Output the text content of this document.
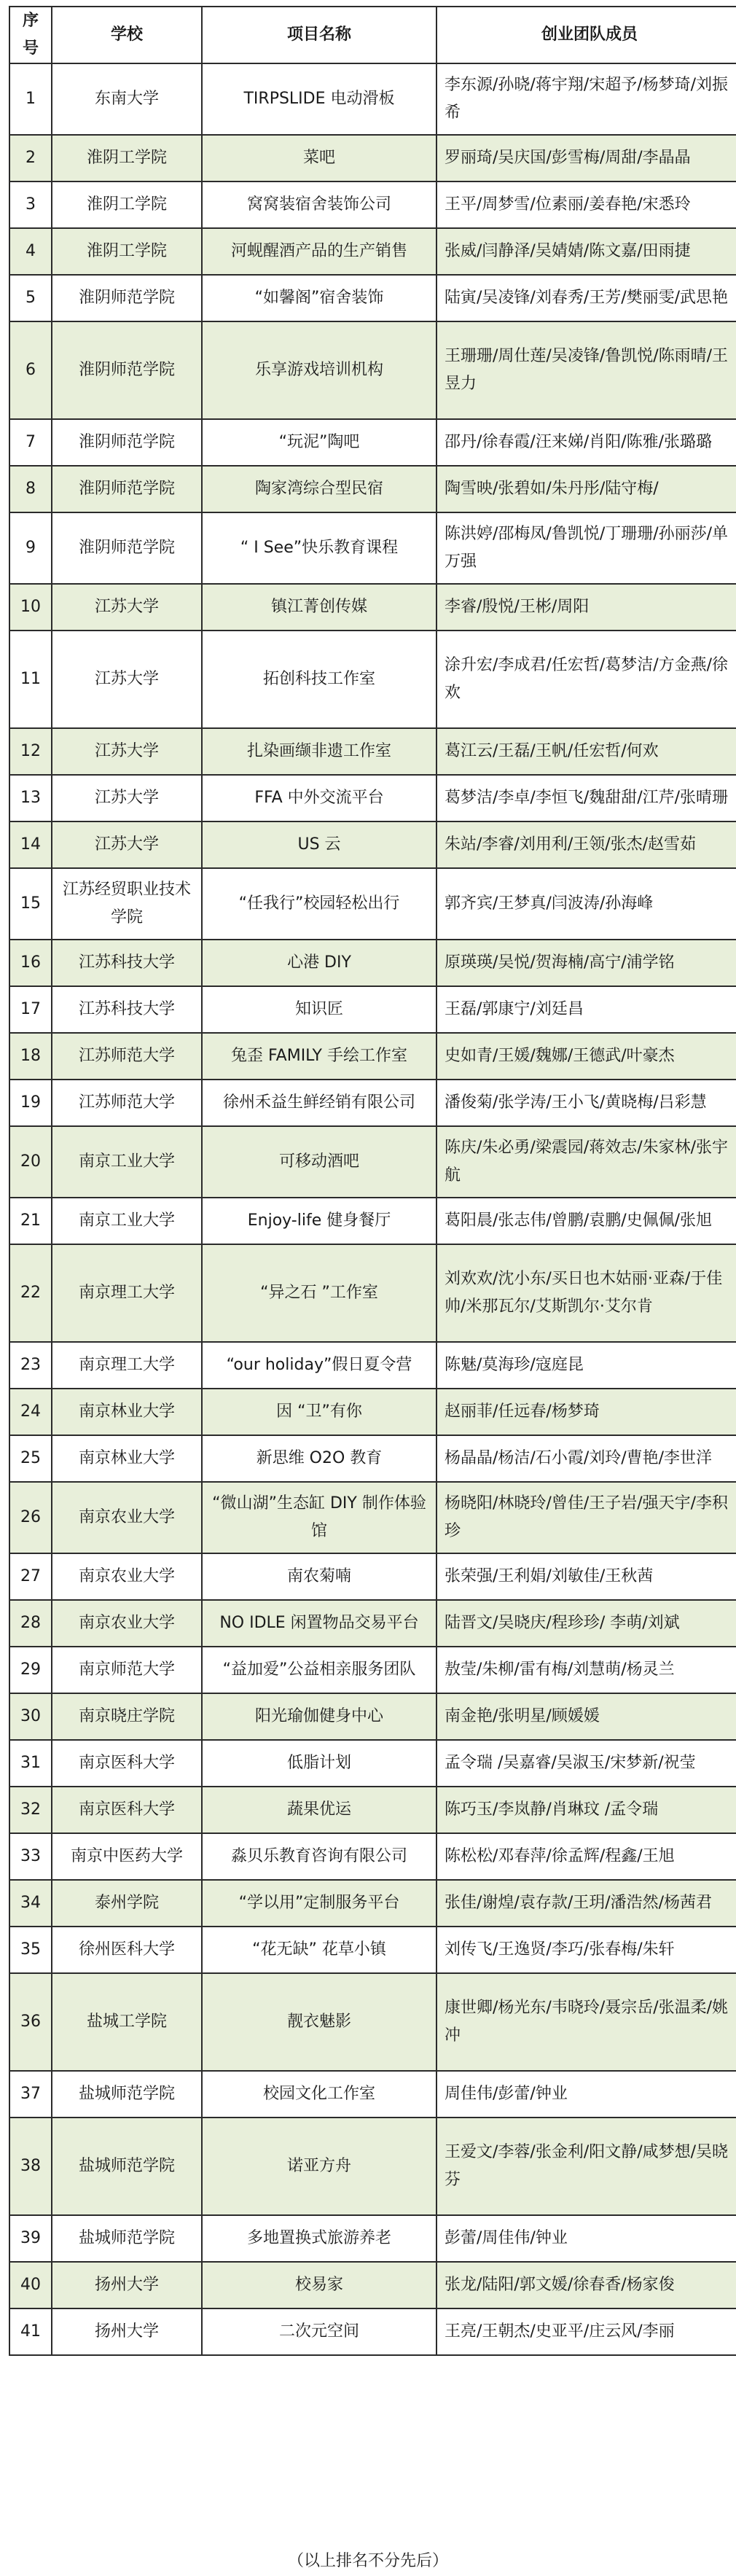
序号	学校	项目名称	创业团队成员
1	东南大学	TIRPSLIDE 电动滑板	李东源/孙晓/蒋宇翔/宋超予/杨梦琦/刘振希
2	淮阴工学院	菜吧	罗丽琦/吴庆国/彭雪梅/周甜/李晶晶
3	淮阴工学院	窝窝装宿舍装饰公司	王平/周梦雪/位素丽/姜春艳/宋悉玲
4	淮阴工学院	河蚬醒酒产品的生产销售	张威/闫静泽/吴婧婧/陈文嘉/田雨捷
5	淮阴师范学院	“如馨阁”宿舍装饰	陆寅/吴凌锋/刘春秀/王芳/樊丽雯/武思艳
6	淮阴师范学院	乐享游戏培训机构	王珊珊/周仕莲/吴凌锋/鲁凯悦/陈雨晴/王昱力
7	淮阴师范学院	“玩泥”陶吧	邵丹/徐春霞/汪来娣/肖阳/陈雅/张璐璐
8	淮阴师范学院	陶家湾综合型民宿	陶雪映/张碧如/朱丹彤/陆守梅/
9	淮阴师范学院	“ I See”快乐教育课程	陈洪婷/邵梅凤/鲁凯悦/丁珊珊/孙丽莎/单万强
10	江苏大学	镇江菁创传媒	李睿/殷悦/王彬/周阳
11	江苏大学	拓创科技工作室	涂升宏/李成君/任宏哲/葛梦洁/方金燕/徐欢
12	江苏大学	扎染画缬非遗工作室	葛江云/王磊/王帆/任宏哲/何欢
13	江苏大学	FFA 中外交流平台	葛梦洁/李卓/李恒飞/魏甜甜/江芹/张晴珊
14	江苏大学	US 云	朱站/李睿/刘用利/王领/张杰/赵雪茹
15	江苏经贸职业技术学院	“任我行”校园轻松出行	郭齐宾/王梦真/闫波涛/孙海峰
16	江苏科技大学	心港 DIY	原瑛瑛/吴悦/贺海楠/高宁/浦学铭
17	江苏科技大学	知识匠	王磊/郭康宁/刘廷昌
18	江苏师范大学	兔歪 FAMILY 手绘工作室	史如青/王媛/魏娜/王德武/叶豪杰
19	江苏师范大学	徐州禾益生鲜经销有限公司	潘俊菊/张学涛/王小飞/黄晓梅/吕彩慧
20	南京工业大学	可移动酒吧	陈庆/朱必勇/梁震园/蒋效志/朱家林/张宇航
21	南京工业大学	Enjoy-life 健身餐厅	葛阳晨/张志伟/曾鹏/袁鹏/史佩佩/张旭
22	南京理工大学	“异之石 ”工作室	刘欢欢/沈小东/买日也木姑丽·亚森/于佳帅/米那瓦尔/艾斯凯尔·艾尔肯
23	南京理工大学	“our holiday”假日夏令营	陈魅/莫海珍/寇庭昆
24	南京林业大学	因 “卫”有你	赵丽菲/任远春/杨梦琦
25	南京林业大学	新思维 O2O 教育	杨晶晶/杨洁/石小霞/刘玲/曹艳/李世洋
26	南京农业大学	“微山湖”生态缸 DIY 制作体验馆	杨晓阳/林晓玲/曾佳/王子岩/强天宇/李积珍
27	南京农业大学	南农菊喃	张荣强/王利娟/刘敏佳/王秋茜
28	南京农业大学	NO IDLE 闲置物品交易平台	陆晋文/吴晓庆/程珍珍/ 李萌/刘斌
29	南京师范大学	“益加爱”公益相亲服务团队	敖莹/朱柳/雷有梅/刘慧萌/杨灵兰
30	南京晓庄学院	阳光瑜伽健身中心	南金艳/张明星/顾媛媛
31	南京医科大学	低脂计划	孟令瑞 /吴嘉睿/吴淑玉/宋梦新/祝莹
32	南京医科大学	蔬果优运	陈巧玉/李岚静/肖琳玟 /孟令瑞
33	南京中医药大学	淼贝乐教育咨询有限公司	陈松松/邓春萍/徐孟辉/程鑫/王旭
34	泰州学院	“学以用”定制服务平台	张佳/谢煌/袁存款/王玥/潘浩然/杨茜君
35	徐州医科大学	“花无缺” 花草小镇	刘传飞/王逸贤/李巧/张春梅/朱轩
36	盐城工学院	靓衣魅影	康世卿/杨光东/韦晓玲/聂宗岳/张温柔/姚冲
37	盐城师范学院	校园文化工作室	周佳伟/彭蕾/钟业
38	盐城师范学院	诺亚方舟	王爱文/李蓉/张金利/阳文静/咸梦想/吴晓芬
39	盐城师范学院	多地置换式旅游养老	彭蕾/周佳伟/钟业
40	扬州大学	校易家	张龙/陆阳/郭文媛/徐春香/杨家俊
41	扬州大学	二次元空间	王亮/王朝杰/史亚平/庄云风/李丽
（以上排名不分先后）
